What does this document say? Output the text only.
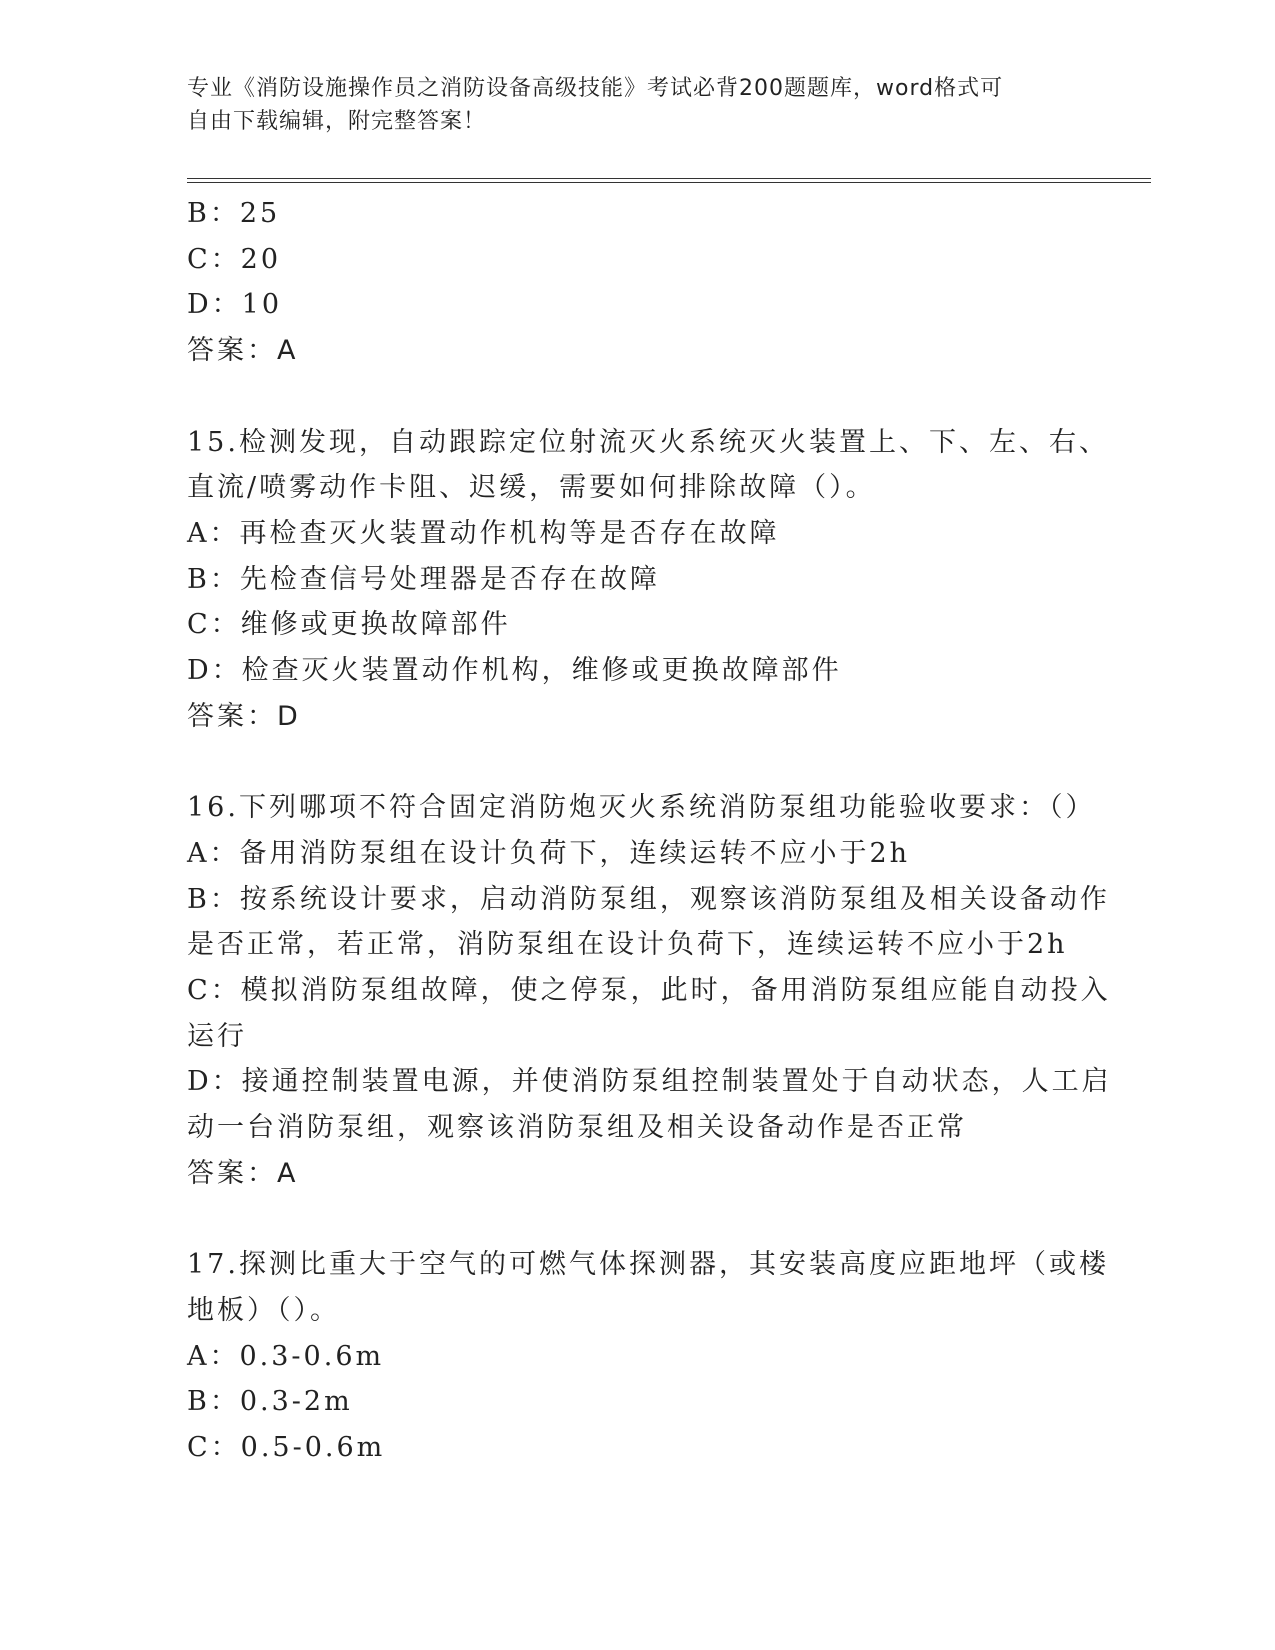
专业《消防设施操作员之消防设备高级技能》考试必背200题题库，word格式可
自由下载编辑，附完整答案！
B：25
C：20
D：10
答案：A
15.检测发现，自动跟踪定位射流灭火系统灭火装置上、下、左、右、
直流/喷雾动作卡阻、迟缓，需要如何排除故障（）。
A：再检查灭火装置动作机构等是否存在故障
B：先检查信号处理器是否存在故障
C：维修或更换故障部件
D：检查灭火装置动作机构，维修或更换故障部件
答案：D
16.下列哪项不符合固定消防炮灭火系统消防泵组功能验收要求：（）
A：备用消防泵组在设计负荷下，连续运转不应小于2h
B：按系统设计要求，启动消防泵组，观察该消防泵组及相关设备动作
是否正常，若正常，消防泵组在设计负荷下，连续运转不应小于2h
C：模拟消防泵组故障，使之停泵，此时，备用消防泵组应能自动投入
运行
D：接通控制装置电源，并使消防泵组控制装置处于自动状态，人工启
动一台消防泵组，观察该消防泵组及相关设备动作是否正常
答案：A
17.探测比重大于空气的可燃气体探测器，其安装高度应距地坪（或楼
地板）（）。
A：0.3-0.6m
B：0.3-2m
C：0.5-0.6m
